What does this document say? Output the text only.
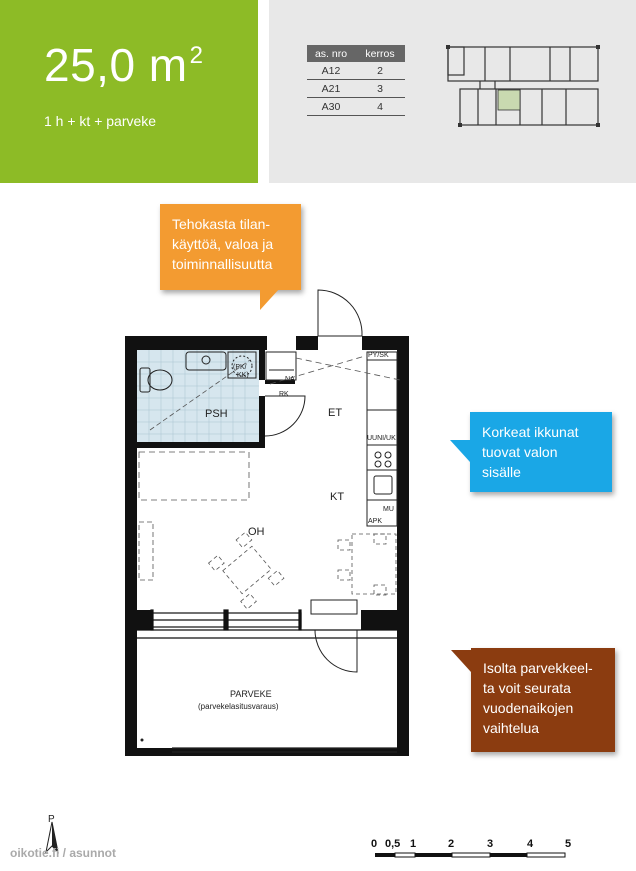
25,0 $m^2$
1 h + kt + parveke
as. nro	kerros
A12	2
A21	3
A30	4
PSH	ET
KT
OH
PARVEKE
(parvekelasitusvaraus)
NA
RK
(PK/
KK)
PY/SK
UUNI/UK
MU
APK
Tehokasta tilan-käyttöä, valoa ja toiminnallisuutta
Korkeat ikkunat tuovat valon sisälle
Isolta parvekkeel-ta voit seurata vuodenaikojen vaihtelua
P
oikotie.fi / asunnot
0 0,5 1	2	3	4	5
